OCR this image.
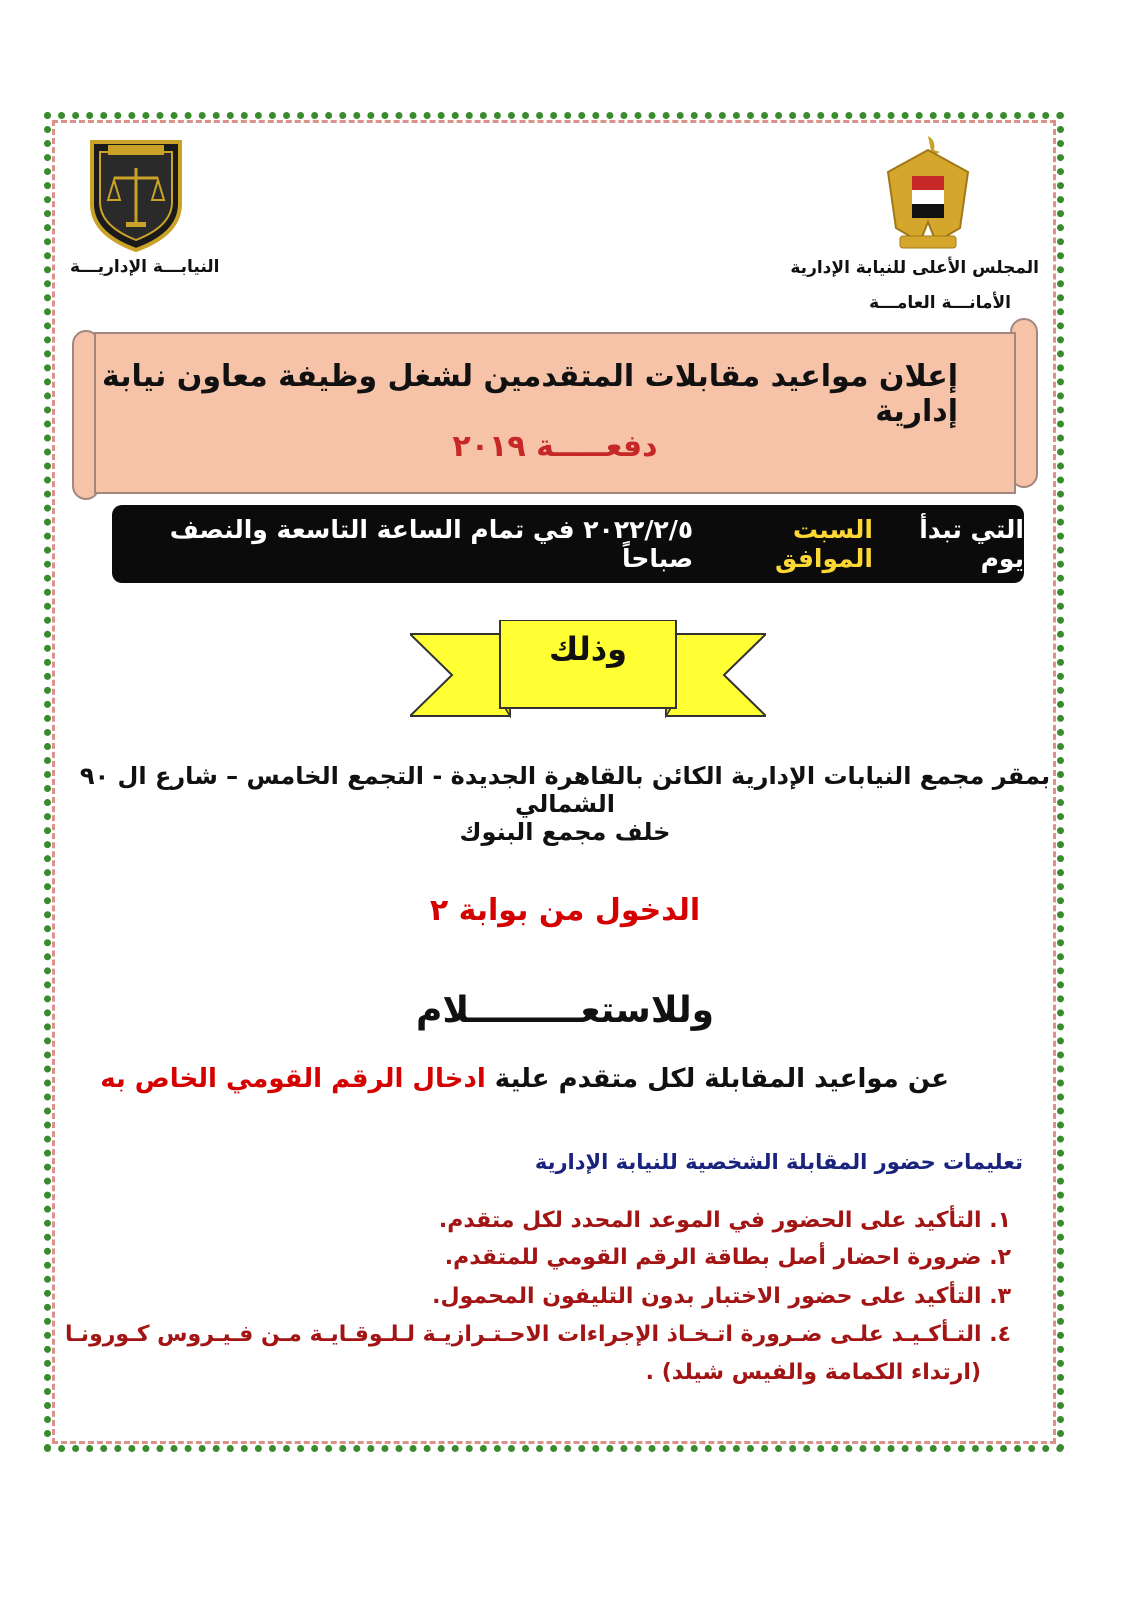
النيابـــة الإداريـــة	المجلس الأعلى للنيابة الإدارية
الأمانـــة العامـــة
إعلان مواعيد مقابلات المتقدمين لشغل وظيفة معاون نيابة إدارية
دفعـــــة ٢٠١٩
التي تبدأ يوم
السبت الموافق
٢٠٢٢/٢/٥ في تمام الساعة التاسعة والنصف صباحاً
وذلك
بمقر مجمع النيابات الإدارية الكائن بالقاهرة الجديدة - التجمع الخامس – شارع ال ٩٠ الشمالي
خلف مجمع البنوك
الدخول من بوابة ٢
وللاستعـــــــــلام
عن مواعيد المقابلة لكل متقدم علية ادخال الرقم القومي الخاص به
تعليمات حضور المقابلة الشخصية للنيابة الإدارية
١. التأكيد على الحضور في الموعد المحدد لكل متقدم.
٢. ضرورة احضار أصل بطاقة الرقم القومي للمتقدم.
٣. التأكيد على حضور الاختبار بدون التليفون المحمول.
٤. التـأكـيـد علـى ضـرورة اتـخـاذ الإجراءات الاحـتـرازيـة لـلـوقـايـة مـن فـيـروس كـورونـا
(ارتداء الكمامة والفيس شيلد) .
